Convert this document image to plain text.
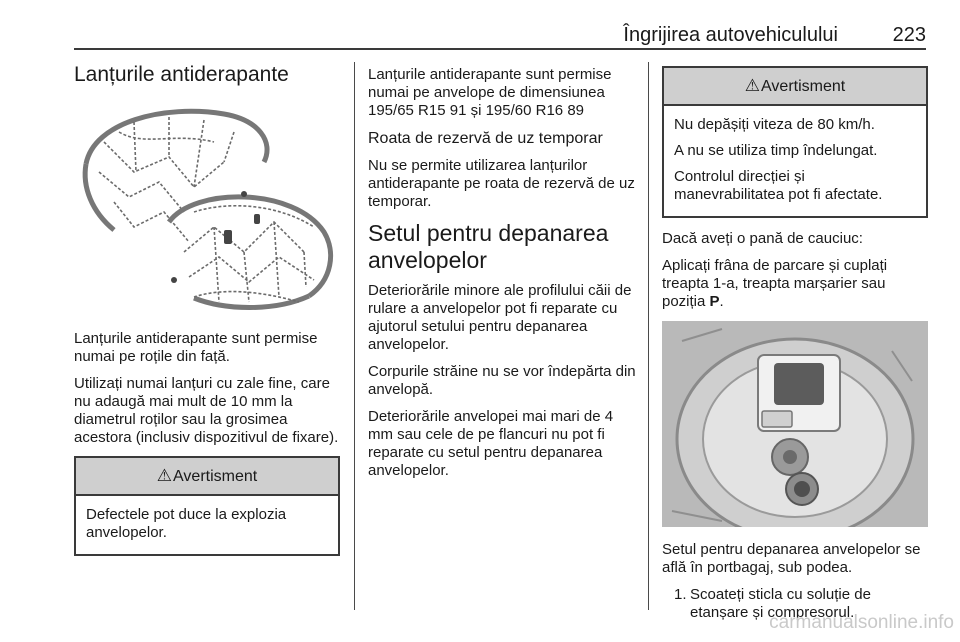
Îngrijirea autovehiculului	223
Lanțurile antiderapante

Lanțurile antiderapante sunt permise numai pe roțile din față.

Utilizați numai lanțuri cu zale fine, care nu adaugă mai mult de 10 mm la diametrul roților sau la grosimea acestora (inclusiv dispozitivul de fixare).

⚠Avertisment

Defectele pot duce la explozia anvelopelor.

Lanțurile antiderapante sunt permise numai pe anvelope de dimensiunea 195/65 R15 91 și 195/60 R16 89

Roata de rezervă de uz temporar

Nu se permite utilizarea lanțurilor antiderapante pe roata de rezervă de uz temporar.

Setul pentru depanarea anvelopelor

Deteriorările minore ale profilului căii de rulare a anvelopelor pot fi reparate cu ajutorul setului pentru depanarea anvelopelor.

Corpurile străine nu se vor îndepărta din anvelopă.

Deteriorările anvelopei mai mari de 4 mm sau cele de pe flancuri nu pot fi reparate cu setul pentru depanarea anvelopelor.

⚠Avertisment

Nu depășiți viteza de 80 km/h.

A nu se utiliza timp îndelungat.

Controlul direcției și manevrabilitatea pot fi afectate.

Dacă aveți o pană de cauciuc:

Aplicați frâna de parcare și cuplați treapta 1-a, treapta marșarier sau poziția P.

Setul pentru depanarea anvelopelor se află în portbagaj, sub podea.

1. Scoateți sticla cu soluție de etanșare și compresorul.
carmanualsonline.info
